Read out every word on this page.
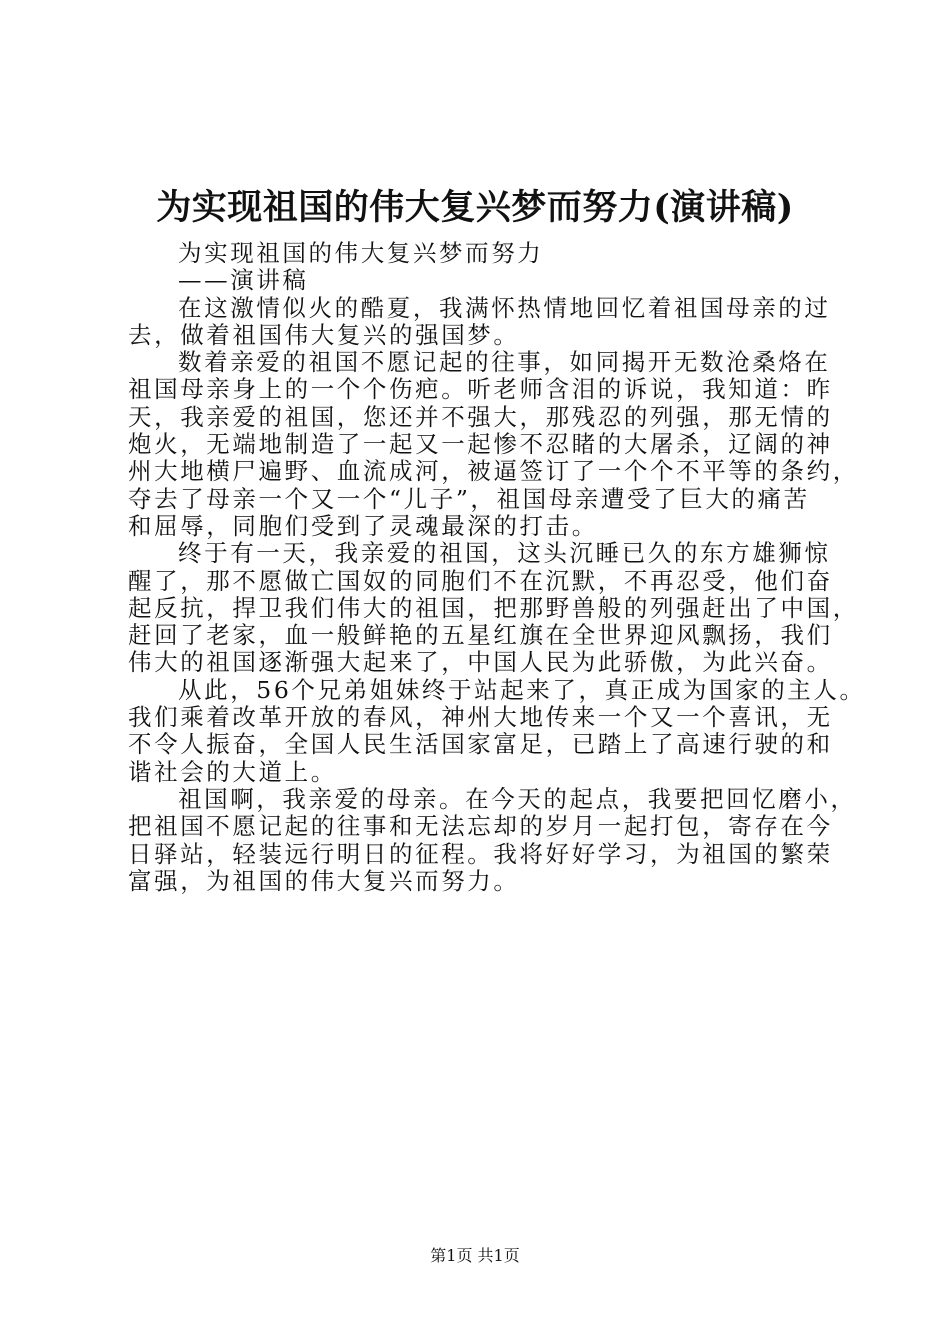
为实现祖国的伟大复兴梦而努力(演讲稿)
为实现祖国的伟大复兴梦而努力
——演讲稿
在这激情似火的酷夏，我满怀热情地回忆着祖国母亲的过
去，做着祖国伟大复兴的强国梦。
数着亲爱的祖国不愿记起的往事，如同揭开无数沧桑烙在
祖国母亲身上的一个个伤疤。听老师含泪的诉说，我知道：昨
天，我亲爱的祖国，您还并不强大，那残忍的列强，那无情的
炮火，无端地制造了一起又一起惨不忍睹的大屠杀，辽阔的神
州大地横尸遍野、血流成河，被逼签订了一个个不平等的条约，
夺去了母亲一个又一个“儿子”，祖国母亲遭受了巨大的痛苦
和屈辱，同胞们受到了灵魂最深的打击。
终于有一天，我亲爱的祖国，这头沉睡已久的东方雄狮惊
醒了，那不愿做亡国奴的同胞们不在沉默，不再忍受，他们奋
起反抗，捍卫我们伟大的祖国，把那野兽般的列强赶出了中国，
赶回了老家，血一般鲜艳的五星红旗在全世界迎风飘扬，我们
伟大的祖国逐渐强大起来了，中国人民为此骄傲，为此兴奋。
从此，56个兄弟姐妹终于站起来了，真正成为国家的主人。
我们乘着改革开放的春风，神州大地传来一个又一个喜讯，无
不令人振奋，全国人民生活国家富足，已踏上了高速行驶的和
谐社会的大道上。
祖国啊，我亲爱的母亲。在今天的起点，我要把回忆磨小，
把祖国不愿记起的往事和无法忘却的岁月一起打包，寄存在今
日驿站，轻装远行明日的征程。我将好好学习，为祖国的繁荣
富强，为祖国的伟大复兴而努力。
第1页 共1页
